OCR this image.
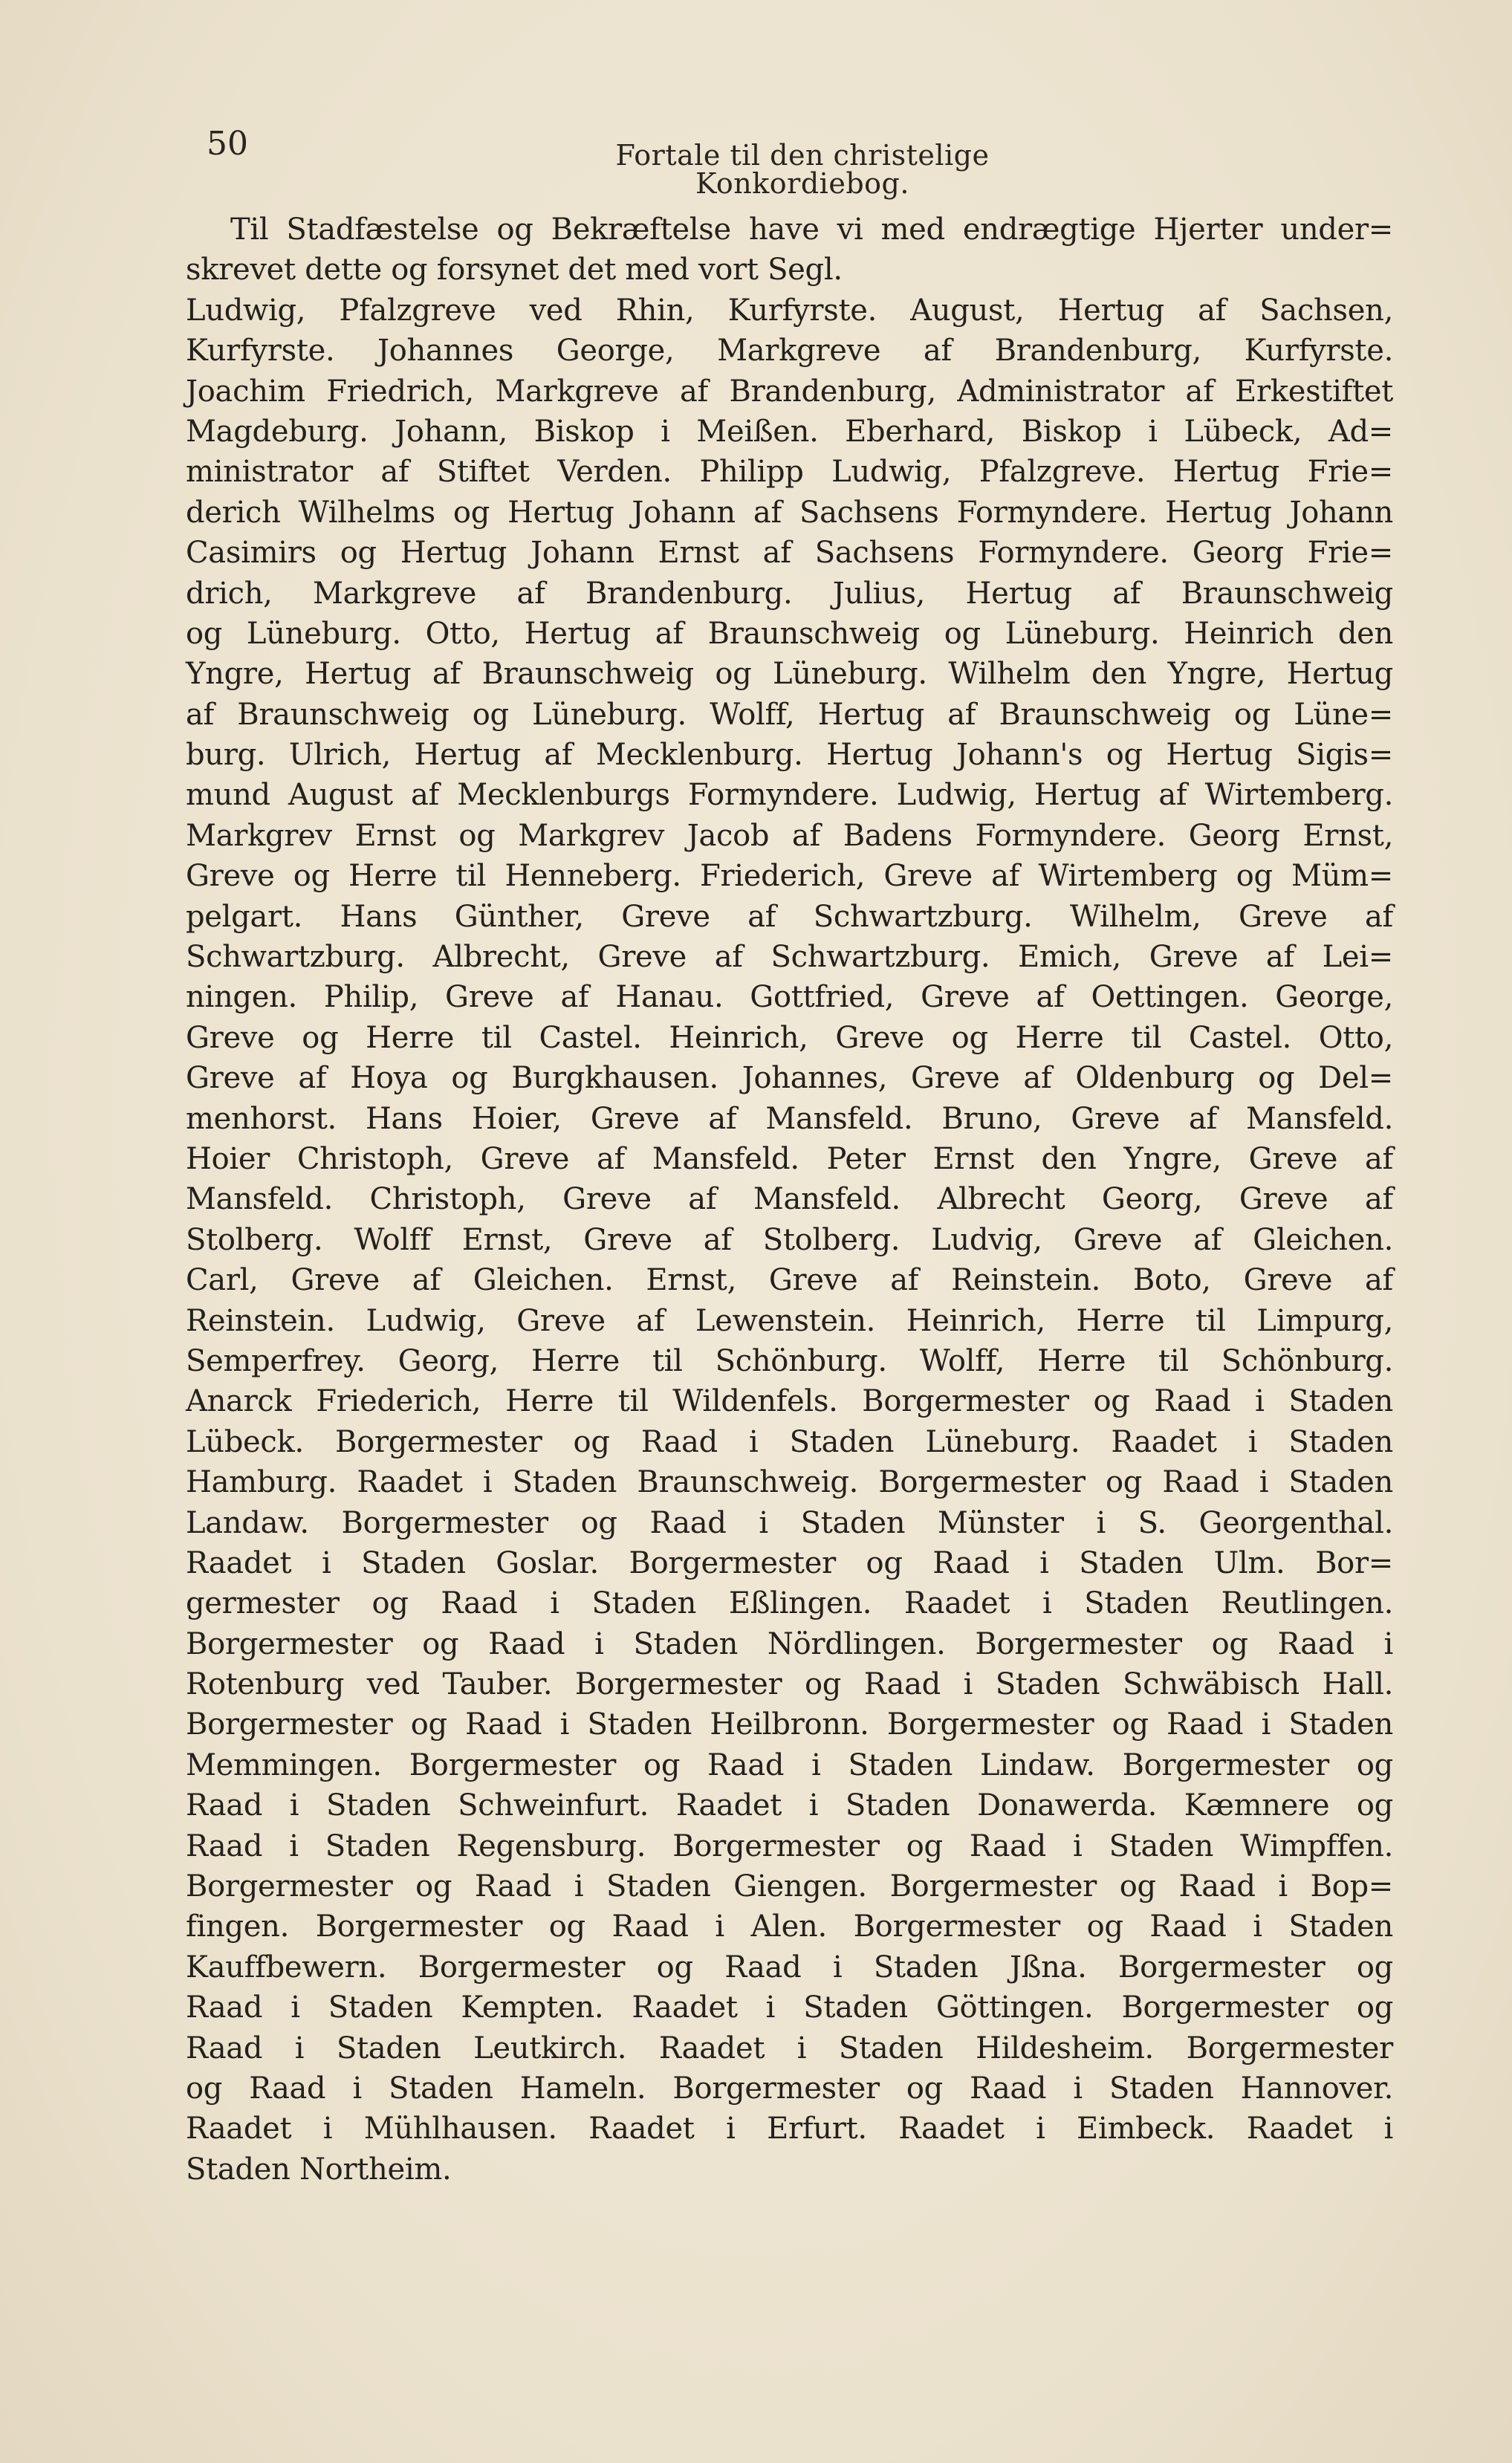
50	Fortale til den christelige Konkordiebog.
Til Stadfæstelse og Bekræftelse have vi med endrægtige Hjerter under=
skrevet dette og forsynet det med vort Segl.
Ludwig, Pfalzgreve ved Rhin, Kurfyrste. August, Hertug af Sachsen,
Kurfyrste. Johannes George, Markgreve af Brandenburg, Kurfyrste.
Joachim Friedrich, Markgreve af Brandenburg, Administrator af Erkestiftet
Magdeburg. Johann, Biskop i Meißen. Eberhard, Biskop i Lübeck, Ad=
ministrator af Stiftet Verden. Philipp Ludwig, Pfalzgreve. Hertug Frie=
derich Wilhelms og Hertug Johann af Sachsens Formyndere. Hertug Johann
Casimirs og Hertug Johann Ernst af Sachsens Formyndere. Georg Frie=
drich, Markgreve af Brandenburg. Julius, Hertug af Braunschweig
og Lüneburg. Otto, Hertug af Braunschweig og Lüneburg. Heinrich den
Yngre, Hertug af Braunschweig og Lüneburg. Wilhelm den Yngre, Hertug
af Braunschweig og Lüneburg. Wolff, Hertug af Braunschweig og Lüne=
burg. Ulrich, Hertug af Mecklenburg. Hertug Johann's og Hertug Sigis=
mund August af Mecklenburgs Formyndere. Ludwig, Hertug af Wirtemberg.
Markgrev Ernst og Markgrev Jacob af Badens Formyndere. Georg Ernst,
Greve og Herre til Henneberg. Friederich, Greve af Wirtemberg og Müm=
pelgart. Hans Günther, Greve af Schwartzburg. Wilhelm, Greve af
Schwartzburg. Albrecht, Greve af Schwartzburg. Emich, Greve af Lei=
ningen. Philip, Greve af Hanau. Gottfried, Greve af Oettingen. George,
Greve og Herre til Castel. Heinrich, Greve og Herre til Castel. Otto,
Greve af Hoya og Burgkhausen. Johannes, Greve af Oldenburg og Del=
menhorst. Hans Hoier, Greve af Mansfeld. Bruno, Greve af Mansfeld.
Hoier Christoph, Greve af Mansfeld. Peter Ernst den Yngre, Greve af
Mansfeld. Christoph, Greve af Mansfeld. Albrecht Georg, Greve af
Stolberg. Wolff Ernst, Greve af Stolberg. Ludvig, Greve af Gleichen.
Carl, Greve af Gleichen. Ernst, Greve af Reinstein. Boto, Greve af
Reinstein. Ludwig, Greve af Lewenstein. Heinrich, Herre til Limpurg,
Semperfrey. Georg, Herre til Schönburg. Wolff, Herre til Schönburg.
Anarck Friederich, Herre til Wildenfels. Borgermester og Raad i Staden
Lübeck. Borgermester og Raad i Staden Lüneburg. Raadet i Staden
Hamburg. Raadet i Staden Braunschweig. Borgermester og Raad i Staden
Landaw. Borgermester og Raad i Staden Münster i S. Georgenthal.
Raadet i Staden Goslar. Borgermester og Raad i Staden Ulm. Bor=
germester og Raad i Staden Eßlingen. Raadet i Staden Reutlingen.
Borgermester og Raad i Staden Nördlingen. Borgermester og Raad i
Rotenburg ved Tauber. Borgermester og Raad i Staden Schwäbisch Hall.
Borgermester og Raad i Staden Heilbronn. Borgermester og Raad i Staden
Memmingen. Borgermester og Raad i Staden Lindaw. Borgermester og
Raad i Staden Schweinfurt. Raadet i Staden Donawerda. Kæmnere og
Raad i Staden Regensburg. Borgermester og Raad i Staden Wimpffen.
Borgermester og Raad i Staden Giengen. Borgermester og Raad i Bop=
fingen. Borgermester og Raad i Alen. Borgermester og Raad i Staden
Kauffbewern. Borgermester og Raad i Staden Jßna. Borgermester og
Raad i Staden Kempten. Raadet i Staden Göttingen. Borgermester og
Raad i Staden Leutkirch. Raadet i Staden Hildesheim. Borgermester
og Raad i Staden Hameln. Borgermester og Raad i Staden Hannover.
Raadet i Mühlhausen. Raadet i Erfurt. Raadet i Eimbeck. Raadet i
Staden Northeim.
